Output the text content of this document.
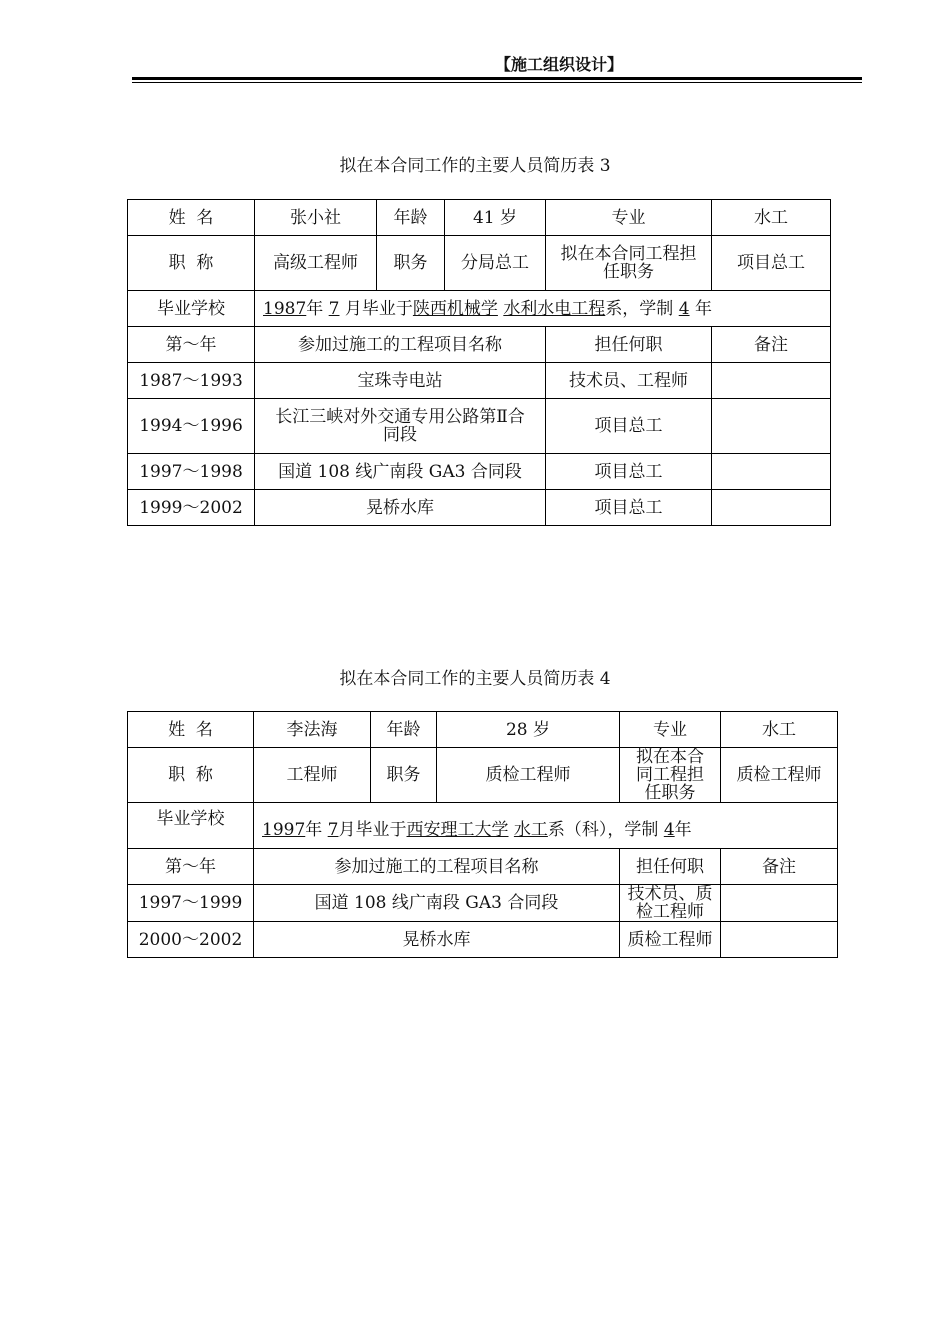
【施工组织设计】
拟在本合同工作的主要人员简历表 3
姓  名	张小社	年龄	41 岁	专业	水工
职  称	高级工程师	职务	分局总工	拟在本合同工程担任职务	项目总工
毕业学校	1987年 7 月毕业于陕西机械学 水利水电工程系，学制 4 年				
第～年	参加过施工的工程项目名称			担任何职	备注
1987～1993	宝珠寺电站			技术员、工程师	
1994～1996	长江三峡对外交通专用公路第Ⅱ合同段			项目总工	
1997～1998	国道 108 线广南段 GA3 合同段			项目总工	
1999～2002	晃桥水库			项目总工	
拟在本合同工作的主要人员简历表 4
姓  名	李法海	年龄	28 岁	专业	水工
职  称	工程师	职务	质检工程师	拟在本合同工程担任职务	质检工程师
毕业学校	1997年 7月毕业于西安理工大学 水工系（科），学制 4年				
第～年	参加过施工的工程项目名称			担任何职	备注
1997～1999	国道 108 线广南段 GA3 合同段			技术员、质检工程师	
2000～2002	晃桥水库			质检工程师	
